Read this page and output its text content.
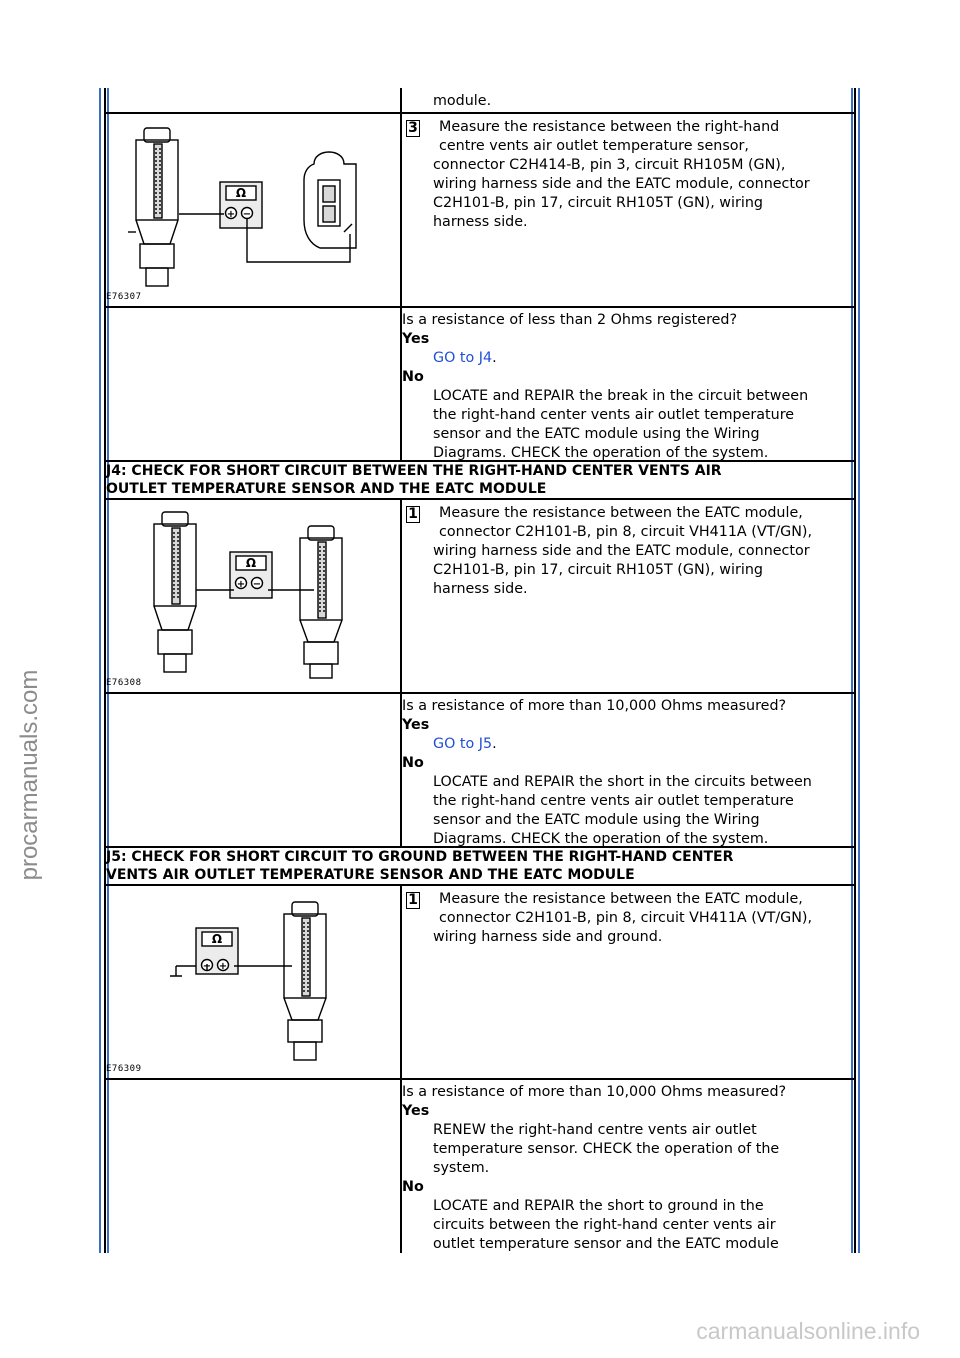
procarmanuals.com
carmanualsonline.info
module.
Ω
+ −
E76307
3 Measure the resistance between the right-hand
centre vents air outlet temperature sensor,
connector C2H414-B, pin 3, circuit RH105M (GN),
wiring harness side and the EATC module, connector
C2H101-B, pin 17, circuit RH105T (GN), wiring
harness side.
Is a resistance of less than 2 Ohms registered?
Yes
GO to J4.
No
LOCATE and REPAIR the break in the circuit between
the right-hand center vents air outlet temperature
sensor and the EATC module using the Wiring
Diagrams. CHECK the operation of the system.
J4: CHECK FOR SHORT CIRCUIT BETWEEN THE RIGHT-HAND CENTER VENTS AIR
OUTLET TEMPERATURE SENSOR AND THE EATC MODULE
Ω
+ −
E76308
1 Measure the resistance between the EATC module,
connector C2H101-B, pin 8, circuit VH411A (VT/GN),
wiring harness side and the EATC module, connector
C2H101-B, pin 17, circuit RH105T (GN), wiring
harness side.
Is a resistance of more than 10,000 Ohms measured?
Yes
GO to J5.
No
LOCATE and REPAIR the short in the circuits between
the right-hand centre vents air outlet temperature
sensor and the EATC module using the Wiring
Diagrams. CHECK the operation of the system.
J5: CHECK FOR SHORT CIRCUIT TO GROUND BETWEEN THE RIGHT-HAND CENTER
VENTS AIR OUTLET TEMPERATURE SENSOR AND THE EATC MODULE
Ω
− +
E76309
1 Measure the resistance between the EATC module,
connector C2H101-B, pin 8, circuit VH411A (VT/GN),
wiring harness side and ground.
Is a resistance of more than 10,000 Ohms measured?
Yes
RENEW the right-hand centre vents air outlet
temperature sensor. CHECK the operation of the
system.
No
LOCATE and REPAIR the short to ground in the
circuits between the right-hand center vents air
outlet temperature sensor and the EATC module
